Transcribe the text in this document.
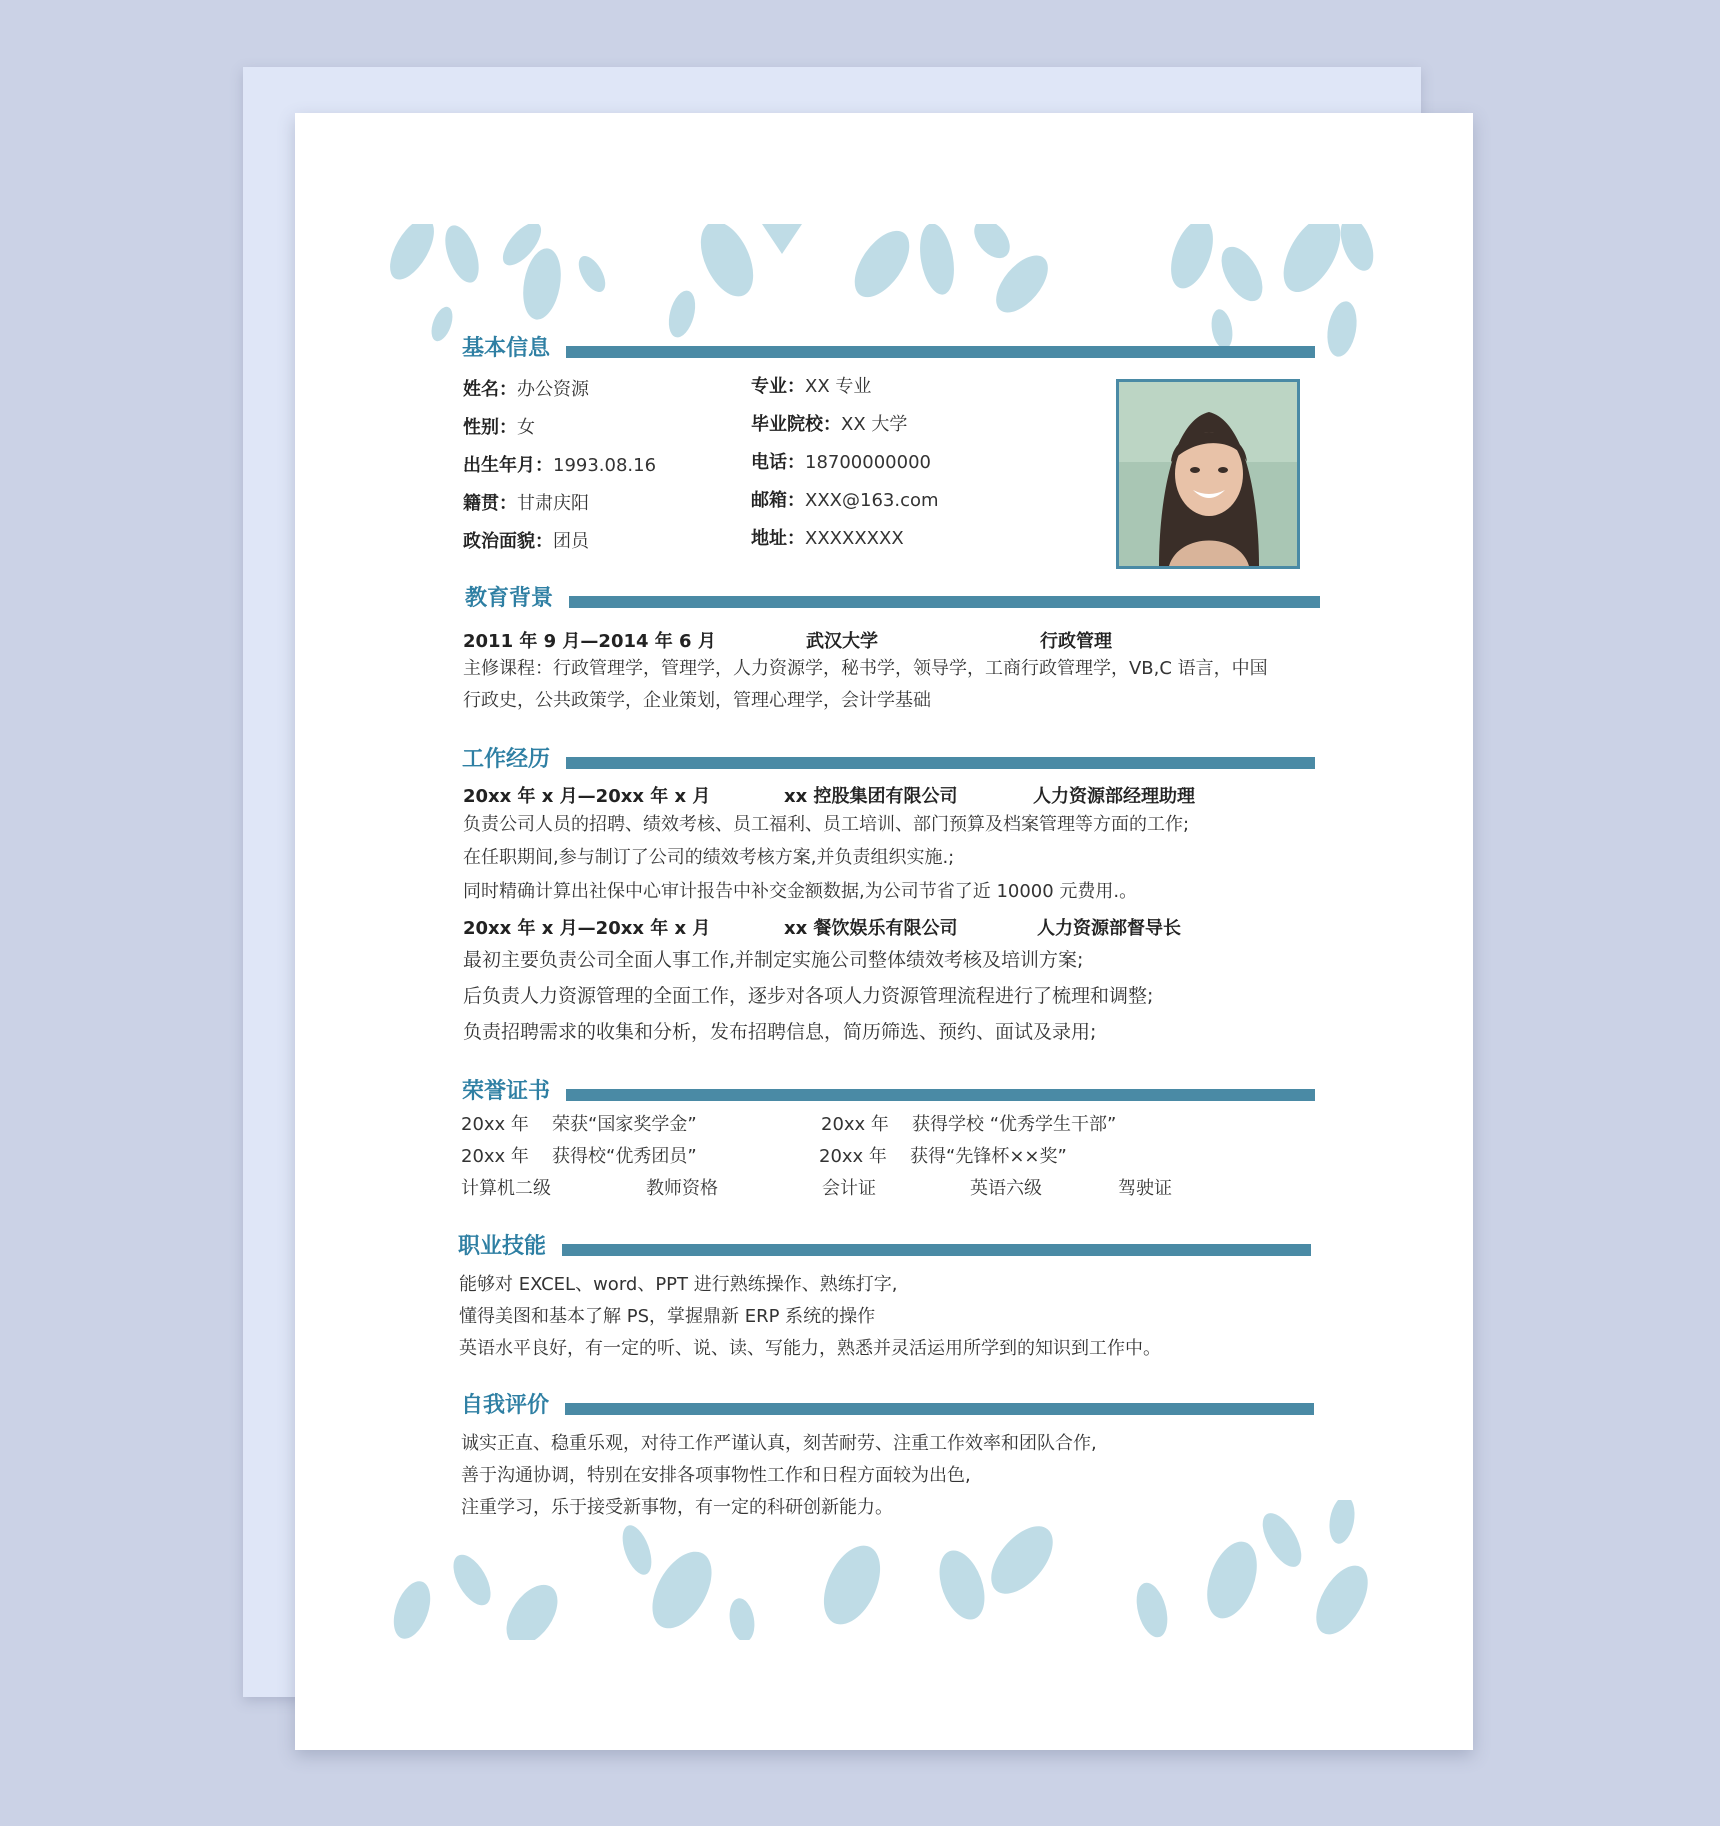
基本信息
姓名：办公资源
性别：女
出生年月：1993.08.16
籍贯：甘肃庆阳
政治面貌：团员
专业：XX 专业
毕业院校：XX 大学
电话：18700000000
邮箱：XXX@163.com
地址：XXXXXXXX
教育背景
2011 年 9 月—2014 年 6 月	武汉大学	行政管理
主修课程：行政管理学，管理学，人力资源学，秘书学，领导学，工商行政管理学，VB,C 语言，中国
行政史，公共政策学，企业策划，管理心理学，会计学基础
工作经历
20xx 年 x 月—20xx 年 x 月	xx 控股集团有限公司	人力资源部经理助理
负责公司人员的招聘、绩效考核、员工福利、员工培训、部门预算及档案管理等方面的工作;
在任职期间,参与制订了公司的绩效考核方案,并负责组织实施.;
同时精确计算出社保中心审计报告中补交金额数据,为公司节省了近 10000 元费用.。
20xx 年 x 月—20xx 年 x 月	xx 餐饮娱乐有限公司	人力资源部督导长
最初主要负责公司全面人事工作,并制定实施公司整体绩效考核及培训方案;
后负责人力资源管理的全面工作，逐步对各项人力资源管理流程进行了梳理和调整;
负责招聘需求的收集和分析，发布招聘信息，简历筛选、预约、面试及录用;
荣誉证书
20xx 年 荣获“国家奖学金”	20xx 年 获得学校 “优秀学生干部”
20xx 年 获得校“优秀团员”	20xx 年 获得“先锋杯××奖”
计算机二级	教师资格	会计证	英语六级	驾驶证
职业技能
能够对 EXCEL、word、PPT 进行熟练操作、熟练打字,
懂得美图和基本了解 PS，掌握鼎新 ERP 系统的操作
英语水平良好，有一定的听、说、读、写能力，熟悉并灵活运用所学到的知识到工作中。
自我评价
诚实正直、稳重乐观，对待工作严谨认真，刻苦耐劳、注重工作效率和团队合作,
善于沟通协调，特别在安排各项事物性工作和日程方面较为出色,
注重学习，乐于接受新事物，有一定的科研创新能力。
